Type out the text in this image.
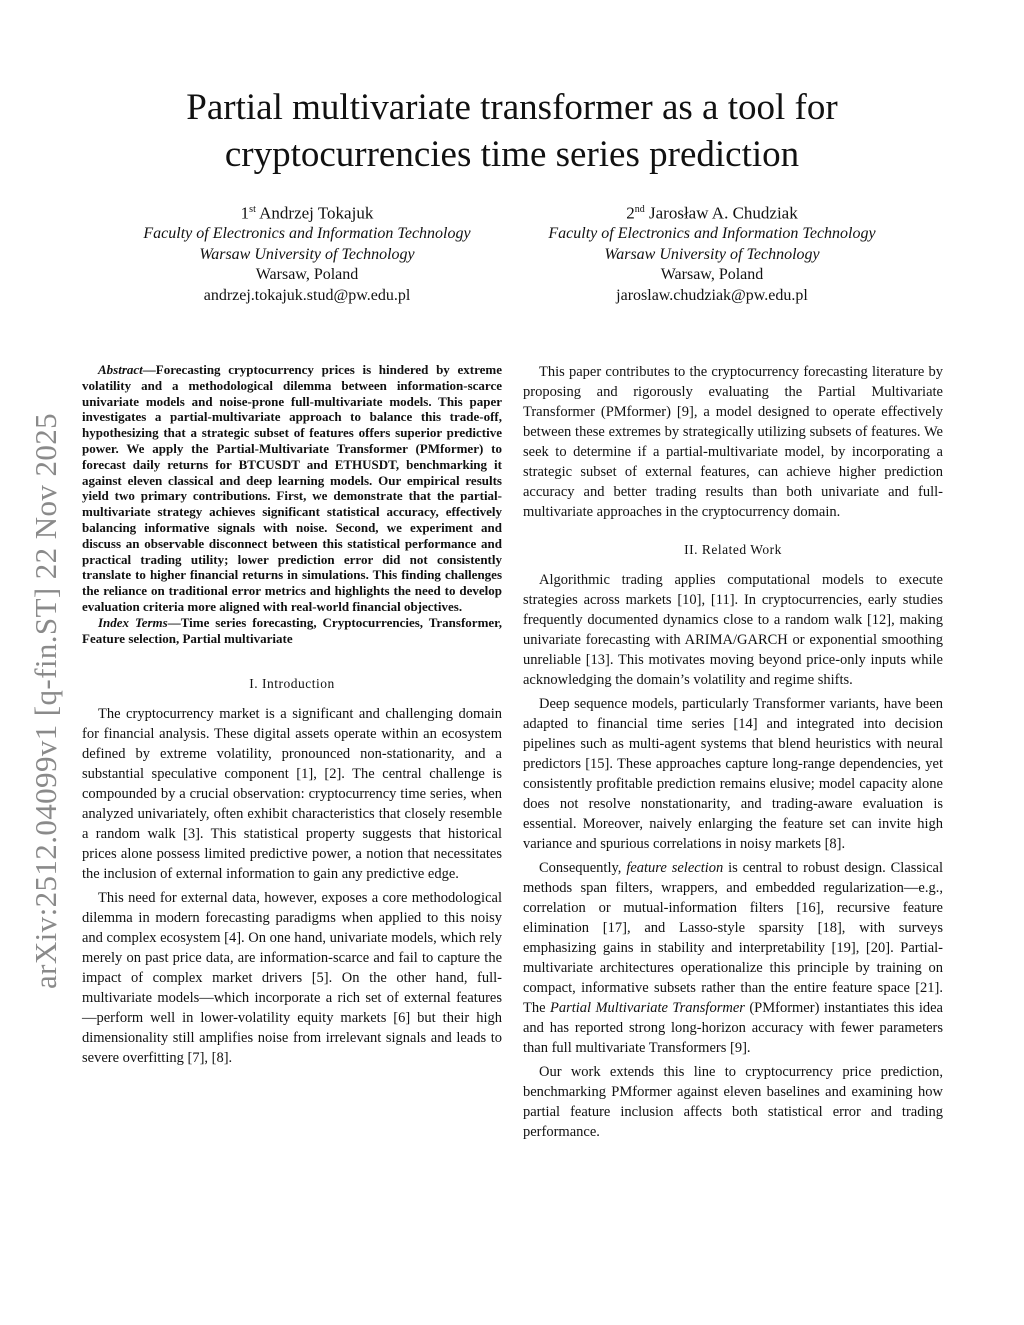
arXiv:2512.04099v1 [q-fin.ST] 22 Nov 2025
Partial multivariate transformer as a tool for
cryptocurrencies time series prediction
1st Andrzej Tokajuk
Faculty of Electronics and Information Technology
Warsaw University of Technology
Warsaw, Poland
andrzej.tokajuk.stud@pw.edu.pl
2nd Jarosław A. Chudziak
Faculty of Electronics and Information Technology
Warsaw University of Technology
Warsaw, Poland
jaroslaw.chudziak@pw.edu.pl

Abstract—Forecasting cryptocurrency prices is hindered by extreme volatility and a methodological dilemma between information-scarce univariate models and noise-prone full-multivariate models. This paper investigates a partial-multivariate approach to balance this trade-off, hypothesizing that a strategic subset of features offers superior predictive power. We apply the Partial-Multivariate Transformer (PMformer) to forecast daily returns for BTCUSDT and ETHUSDT, benchmarking it against eleven classical and deep learning models. Our empirical results yield two primary contributions. First, we demonstrate that the partial-multivariate strategy achieves significant statistical accuracy, effectively balancing informative signals with noise. Second, we experiment and discuss an observable disconnect between this statistical performance and practical trading utility; lower prediction error did not consistently translate to higher financial returns in simulations. This finding challenges the reliance on traditional error metrics and highlights the need to develop evaluation criteria more aligned with real-world financial objectives.

Index Terms—Time series forecasting, Cryptocurrencies, Transformer, Feature selection, Partial multivariate

I. Introduction

The cryptocurrency market is a significant and challenging domain for financial analysis. These digital assets operate within an ecosystem defined by extreme volatility, pronounced non-stationarity, and a substantial speculative component [1], [2]. The central challenge is compounded by a crucial observation: cryptocurrency time series, when analyzed univariately, often exhibit characteristics that closely resemble a random walk [3]. This statistical property suggests that historical prices alone possess limited predictive power, a notion that necessitates the inclusion of external information to gain any predictive edge.

This need for external data, however, exposes a core methodological dilemma in modern forecasting paradigms when applied to this noisy and complex ecosystem [4]. On one hand, univariate models, which rely merely on past price data, are information-scarce and fail to capture the impact of complex market drivers [5]. On the other hand, full-multivariate models—which incorporate a rich set of external features—perform well in lower-volatility equity markets [6] but their high dimensionality still amplifies noise from irrelevant signals and leads to severe overfitting [7], [8].

This paper contributes to the cryptocurrency forecasting literature by proposing and rigorously evaluating the Partial Multivariate Transformer (PMformer) [9], a model designed to operate effectively between these extremes by strategically utilizing subsets of features. We seek to determine if a partial-multivariate model, by incorporating a strategic subset of external features, can achieve higher prediction accuracy and better trading results than both univariate and full-multivariate approaches in the cryptocurrency domain.

II. Related Work

Algorithmic trading applies computational models to execute strategies across markets [10], [11]. In cryptocurrencies, early studies frequently documented dynamics close to a random walk [12], making univariate forecasting with ARIMA/GARCH or exponential smoothing unreliable [13]. This motivates moving beyond price-only inputs while acknowledging the domain’s volatility and regime shifts.

Deep sequence models, particularly Transformer variants, have been adapted to financial time series [14] and integrated into decision pipelines such as multi-agent systems that blend heuristics with neural predictors [15]. These approaches capture long-range dependencies, yet consistently profitable prediction remains elusive; model capacity alone does not resolve nonstationarity, and trading-aware evaluation is essential. Moreover, naively enlarging the feature set can invite high variance and spurious correlations in noisy markets [8].

Consequently, feature selection is central to robust design. Classical methods span filters, wrappers, and embedded regularization—e.g., correlation or mutual-information filters [16], recursive feature elimination [17], and Lasso-style sparsity [18], with surveys emphasizing gains in stability and interpretability [19], [20]. Partial-multivariate architectures operationalize this principle by training on compact, informative subsets rather than the entire feature space [21]. The Partial Multivariate Transformer (PMformer) instantiates this idea and has reported strong long-horizon accuracy with fewer parameters than full multivariate Transformers [9].

Our work extends this line to cryptocurrency price prediction, benchmarking PMformer against eleven baselines and examining how partial feature inclusion affects both statistical error and trading performance.
